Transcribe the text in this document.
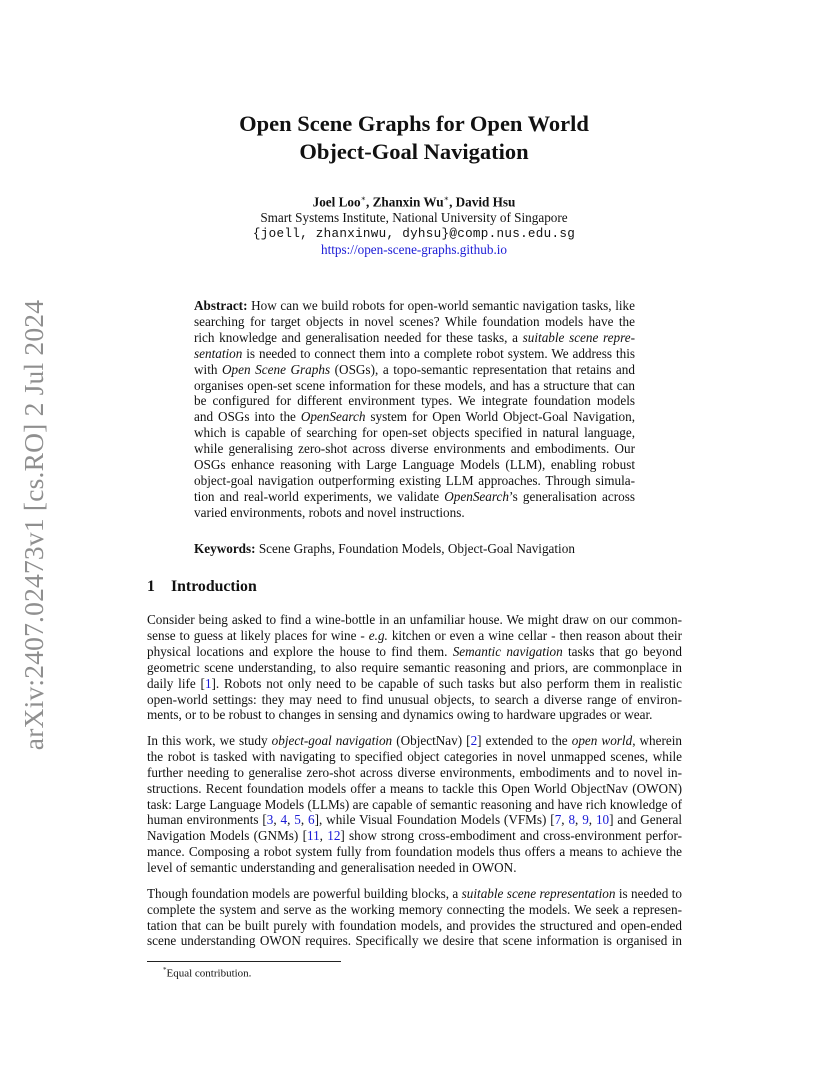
arXiv:2407.02473v1 [cs.RO] 2 Jul 2024
Open Scene Graphs for Open World
Object-Goal Navigation
Joel Loo∗, Zhanxin Wu∗, David Hsu
Smart Systems Institute, National University of Singapore
{joell, zhanxinwu, dyhsu}@comp.nus.edu.sg
https://open-scene-graphs.github.io
Abstract: How can we build robots for open-world semantic navigation tasks, like
searching for target objects in novel scenes? While foundation models have the
rich knowledge and generalisation needed for these tasks, a suitable scene repre-
sentation is needed to connect them into a complete robot system. We address this
with Open Scene Graphs (OSGs), a topo-semantic representation that retains and
organises open-set scene information for these models, and has a structure that can
be configured for different environment types. We integrate foundation models
and OSGs into the OpenSearch system for Open World Object-Goal Navigation,
which is capable of searching for open-set objects specified in natural language,
while generalising zero-shot across diverse environments and embodiments. Our
OSGs enhance reasoning with Large Language Models (LLM), enabling robust
object-goal navigation outperforming existing LLM approaches. Through simula-
tion and real-world experiments, we validate OpenSearch’s generalisation across
varied environments, robots and novel instructions.
Keywords: Scene Graphs, Foundation Models, Object-Goal Navigation
1 Introduction
Consider being asked to find a wine-bottle in an unfamiliar house. We might draw on our common-
sense to guess at likely places for wine - e.g. kitchen or even a wine cellar - then reason about their
physical locations and explore the house to find them. Semantic navigation tasks that go beyond
geometric scene understanding, to also require semantic reasoning and priors, are commonplace in
daily life [1]. Robots not only need to be capable of such tasks but also perform them in realistic
open-world settings: they may need to find unusual objects, to search a diverse range of environ-
ments, or to be robust to changes in sensing and dynamics owing to hardware upgrades or wear.
In this work, we study object-goal navigation (ObjectNav) [2] extended to the open world, wherein
the robot is tasked with navigating to specified object categories in novel unmapped scenes, while
further needing to generalise zero-shot across diverse environments, embodiments and to novel in-
structions. Recent foundation models offer a means to tackle this Open World ObjectNav (OWON)
task: Large Language Models (LLMs) are capable of semantic reasoning and have rich knowledge of
human environments [3, 4, 5, 6], while Visual Foundation Models (VFMs) [7, 8, 9, 10] and General
Navigation Models (GNMs) [11, 12] show strong cross-embodiment and cross-environment perfor-
mance. Composing a robot system fully from foundation models thus offers a means to achieve the
level of semantic understanding and generalisation needed in OWON.
Though foundation models are powerful building blocks, a suitable scene representation is needed to
complete the system and serve as the working memory connecting the models. We seek a represen-
tation that can be built purely with foundation models, and provides the structured and open-ended
scene understanding OWON requires. Specifically we desire that scene information is organised in
*Equal contribution.
